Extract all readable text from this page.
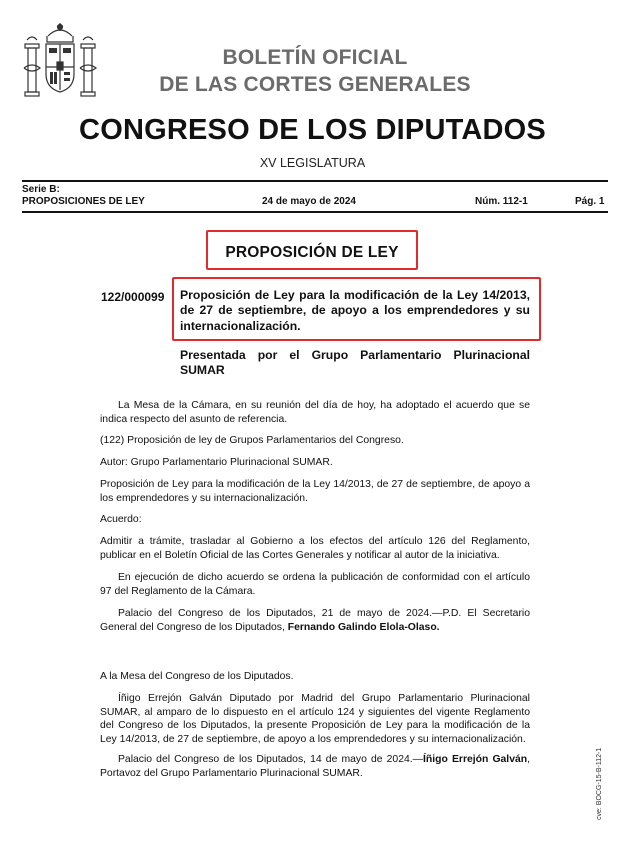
BOLETÍN OFICIAL
DE LAS CORTES GENERALES
CONGRESO DE LOS DIPUTADOS
XV LEGISLATURA
Serie B:
PROPOSICIONES DE LEY	24 de mayo de 2024	Núm. 112-1	Pág. 1
PROPOSICIÓN DE LEY
122/000099 Proposición de Ley para la modificación de la Ley 14/2013, de 27 de septiembre, de apoyo a los emprendedores y su internacionalización.
Presentada por el Grupo Parlamentario Plurinacional SUMAR

La Mesa de la Cámara, en su reunión del día de hoy, ha adoptado el acuerdo que se indica respecto del asunto de referencia.

(122) Proposición de ley de Grupos Parlamentarios del Congreso.

Autor: Grupo Parlamentario Plurinacional SUMAR.

Proposición de Ley para la modificación de la Ley 14/2013, de 27 de septiembre, de apoyo a los emprendedores y su internacionalización.

Acuerdo:

Admitir a trámite, trasladar al Gobierno a los efectos del artículo 126 del Reglamento, publicar en el Boletín Oficial de las Cortes Generales y notificar al autor de la iniciativa.

En ejecución de dicho acuerdo se ordena la publicación de conformidad con el artículo 97 del Reglamento de la Cámara.

Palacio del Congreso de los Diputados, 21 de mayo de 2024.—P.D. El Secretario General del Congreso de los Diputados, Fernando Galindo Elola-Olaso.

A la Mesa del Congreso de los Diputados.

Íñigo Errejón Galván Diputado por Madrid del Grupo Parlamentario Plurinacional SUMAR, al amparo de lo dispuesto en el artículo 124 y siguientes del vigente Reglamento del Congreso de los Diputados, la presente Proposición de Ley para la modificación de la Ley 14/2013, de 27 de septiembre, de apoyo a los emprendedores y su internacionalización.

Palacio del Congreso de los Diputados, 14 de mayo de 2024.—Íñigo Errejón Galván, Portavoz del Grupo Parlamentario Plurinacional SUMAR.	cve: BOCG-15-B-112-1
